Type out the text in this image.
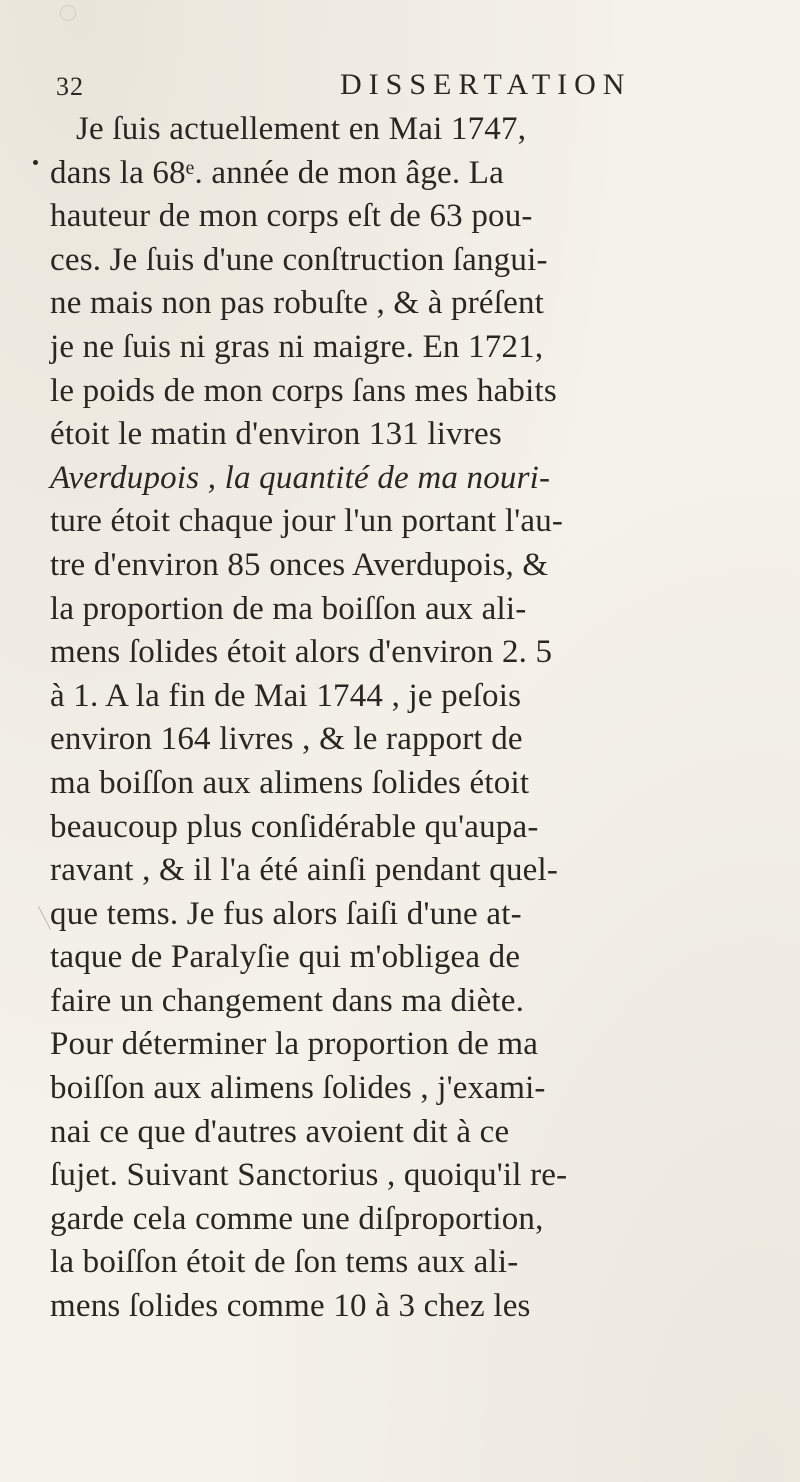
32	DISSERTATION
Je ſuis actuellement en Mai 1747,
dans la 68ᵉ. année de mon âge. La
hauteur de mon corps eſt de 63 pou-
ces. Je ſuis d'une conſtruction ſangui-
ne mais non pas robuſte , & à préſent
je ne ſuis ni gras ni maigre. En 1721,
le poids de mon corps ſans mes habits
étoit le matin d'environ 131 livres
Averdupois , la quantité de ma nouri-
ture étoit chaque jour l'un portant l'au-
tre d'environ 85 onces Averdupois, &
la proportion de ma boiſſon aux ali-
mens ſolides étoit alors d'environ 2. 5
à 1. A la fin de Mai 1744 , je peſois
environ 164 livres , & le rapport de
ma boiſſon aux alimens ſolides étoit
beaucoup plus conſidérable qu'aupa-
ravant , & il l'a été ainſi pendant quel-
que tems. Je fus alors ſaiſi d'une at-
taque de Paralyſie qui m'obligea de
faire un changement dans ma diète.
Pour déterminer la proportion de ma
boiſſon aux alimens ſolides , j'exami-
nai ce que d'autres avoient dit à ce
ſujet. Suivant Sanctorius , quoiqu'il re-
garde cela comme une diſproportion,
la boiſſon étoit de ſon tems aux ali-
mens ſolides comme 10 à 3 chez les
